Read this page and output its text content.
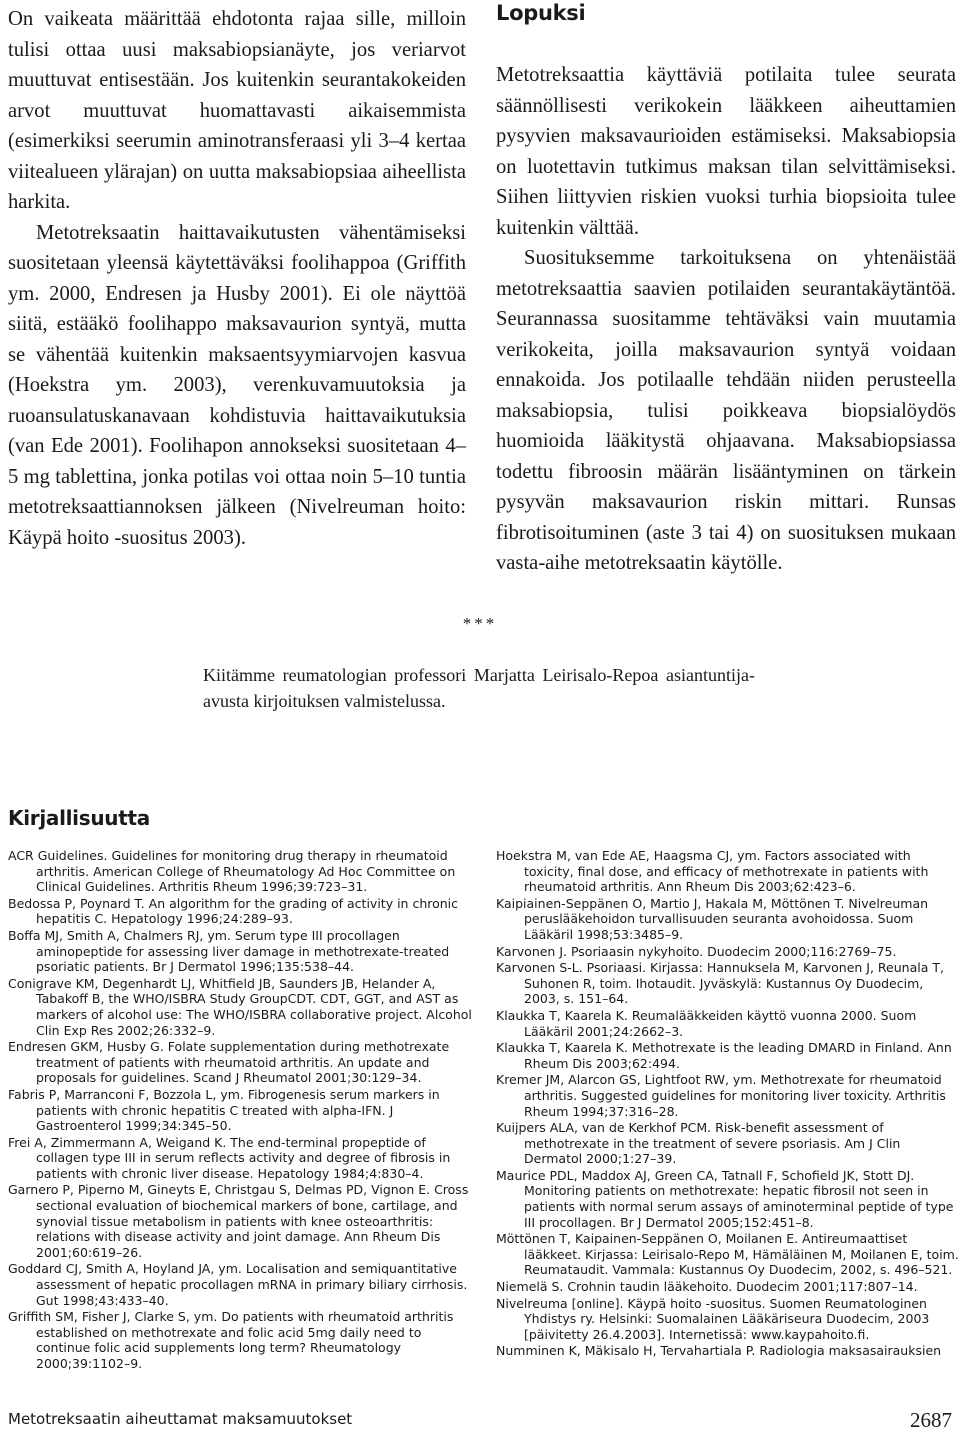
On vaikeata määrittää ehdotonta rajaa sille, milloin tulisi ottaa uusi maksabiopsianäyte, jos veriarvot muuttuvat entisestään. Jos kuitenkin seurantakokeiden arvot muuttuvat huomattavasti aikaisemmista (esimerkiksi seerumin aminotransferaasi yli 3–4 kertaa viitealueen ylärajan) on uutta maksabiopsiaa aiheellista harkita.

Metotreksaatin haittavaikutusten vähentämiseksi suositetaan yleensä käytettäväksi foolihappoa (Griffith ym. 2000, Endresen ja Husby 2001). Ei ole näyttöä siitä, estääkö foolihappo maksavaurion syntyä, mutta se vähentää kuitenkin maksaentsyymiarvojen kasvua (Hoekstra ym. 2003), verenkuvamuutoksia ja ruoansulatuskanavaan kohdistuvia haittavaikutuksia (van Ede 2001). Foolihapon annokseksi suositetaan 4–5 mg tablettina, jonka potilas voi ottaa noin 5–10 tuntia metotreksaattiannoksen jälkeen (Nivelreuman hoito: Käypä hoito -suositus 2003).

Lopuksi

Metotreksaattia käyttäviä potilaita tulee seurata säännöllisesti verikokein lääkkeen aiheuttamien pysyvien maksavaurioiden estämiseksi. Maksabiopsia on luotettavin tutkimus maksan tilan selvittämiseksi. Siihen liittyvien riskien vuoksi turhia biopsioita tulee kuitenkin välttää.

Suosituksemme tarkoituksena on yhtenäistää metotreksaattia saavien potilaiden seurantakäytäntöä. Seurannassa suositamme tehtäväksi vain muutamia verikokeita, joilla maksavaurion syntyä voidaan ennakoida. Jos potilaalle tehdään niiden perusteella maksabiopsia, tulisi poikkeava biopsialöydös huomioida lääkitystä ohjaavana. Maksabiopsiassa todettu fibroosin määrän lisääntyminen on tärkein pysyvän maksavaurion riskin mittari. Runsas fibrotisoituminen (aste 3 tai 4) on suosituksen mukaan vasta-aihe metotreksaatin käytölle.

***
Kiitämme reumatologian professori Marjatta Leirisalo-Repoa asiantuntija-avusta kirjoituksen valmistelussa.
Kirjallisuutta

ACR Guidelines. Guidelines for monitoring drug therapy in rheumatoid arthritis. American College of Rheumatology Ad Hoc Committee on Clinical Guidelines. Arthritis Rheum 1996;39:723–31.

Bedossa P, Poynard T. An algorithm for the grading of activity in chronic hepatitis C. Hepatology 1996;24:289–93.

Boffa MJ, Smith A, Chalmers RJ, ym. Serum type III procollagen aminopeptide for assessing liver damage in methotrexate-treated psoriatic patients. Br J Dermatol 1996;135:538–44.

Conigrave KM, Degenhardt LJ, Whitfield JB, Saunders JB, Helander A, Tabakoff B, the WHO/ISBRA Study GroupCDT. CDT, GGT, and AST as markers of alcohol use: The WHO/ISBRA collaborative project. Alcohol Clin Exp Res 2002;26:332–9.

Endresen GKM, Husby G. Folate supplementation during methotrexate treatment of patients with rheumatoid arthritis. An update and proposals for guidelines. Scand J Rheumatol 2001;30:129–34.

Fabris P, Marranconi F, Bozzola L, ym. Fibrogenesis serum markers in patients with chronic hepatitis C treated with alpha-IFN. J Gastroenterol 1999;34:345–50.

Frei A, Zimmermann A, Weigand K. The end-terminal propeptide of collagen type III in serum reflects activity and degree of fibrosis in patients with chronic liver disease. Hepatology 1984;4:830–4.

Garnero P, Piperno M, Gineyts E, Christgau S, Delmas PD, Vignon E. Cross sectional evaluation of biochemical markers of bone, cartilage, and synovial tissue metabolism in patients with knee osteoarthritis: relations with disease activity and joint damage. Ann Rheum Dis 2001;60:619–26.

Goddard CJ, Smith A, Hoyland JA, ym. Localisation and semiquantitative assessment of hepatic procollagen mRNA in primary biliary cirrhosis. Gut 1998;43:433–40.

Griffith SM, Fisher J, Clarke S, ym. Do patients with rheumatoid arthritis established on methotrexate and folic acid 5mg daily need to continue folic acid supplements long term? Rheumatology 2000;39:1102–9.

Hoekstra M, van Ede AE, Haagsma CJ, ym. Factors associated with toxicity, final dose, and efficacy of methotrexate in patients with rheumatoid arthritis. Ann Rheum Dis 2003;62:423–6.

Kaipiainen-Seppänen O, Martio J, Hakala M, Möttönen T. Nivelreuman peruslääkehoidon turvallisuuden seuranta avohoidossa. Suom Lääkäril 1998;53:3485–9.

Karvonen J. Psoriaasin nykyhoito. Duodecim 2000;116:2769–75.

Karvonen S-L. Psoriaasi. Kirjassa: Hannuksela M, Karvonen J, Reunala T, Suhonen R, toim. Ihotaudit. Jyväskylä: Kustannus Oy Duodecim, 2003, s. 151–64.

Klaukka T, Kaarela K. Reumalääkkeiden käyttö vuonna 2000. Suom Lääkäril 2001;24:2662–3.

Klaukka T, Kaarela K. Methotrexate is the leading DMARD in Finland. Ann Rheum Dis 2003;62:494.

Kremer JM, Alarcon GS, Lightfoot RW, ym. Methotrexate for rheumatoid arthritis. Suggested guidelines for monitoring liver toxicity. Arthritis Rheum 1994;37:316–28.

Kuijpers ALA, van de Kerkhof PCM. Risk-benefit assessment of methotrexate in the treatment of severe psoriasis. Am J Clin Dermatol 2000;1:27–39.

Maurice PDL, Maddox AJ, Green CA, Tatnall F, Schofield JK, Stott DJ. Monitoring patients on methotrexate: hepatic fibrosil not seen in patients with normal serum assays of aminoterminal peptide of type III procollagen. Br J Dermatol 2005;152:451–8.

Möttönen T, Kaipainen-Seppänen O, Moilanen E. Antireumaattiset lääkkeet. Kirjassa: Leirisalo-Repo M, Hämäläinen M, Moilanen E, toim. Reumataudit. Vammala: Kustannus Oy Duodecim, 2002, s. 496–521.

Niemelä S. Crohnin taudin lääkehoito. Duodecim 2001;117:807–14.

Nivelreuma [online]. Käypä hoito -suositus. Suomen Reumatologinen Yhdistys ry. Helsinki: Suomalainen Lääkäriseura Duodecim, 2003 [päivitetty 26.4.2003]. Internetissä: www.kaypahoito.fi.

Numminen K, Mäkisalo H, Tervahartiala P. Radiologia maksasairauksien

Metotreksaatin aiheuttamat maksamuutokset	2687
